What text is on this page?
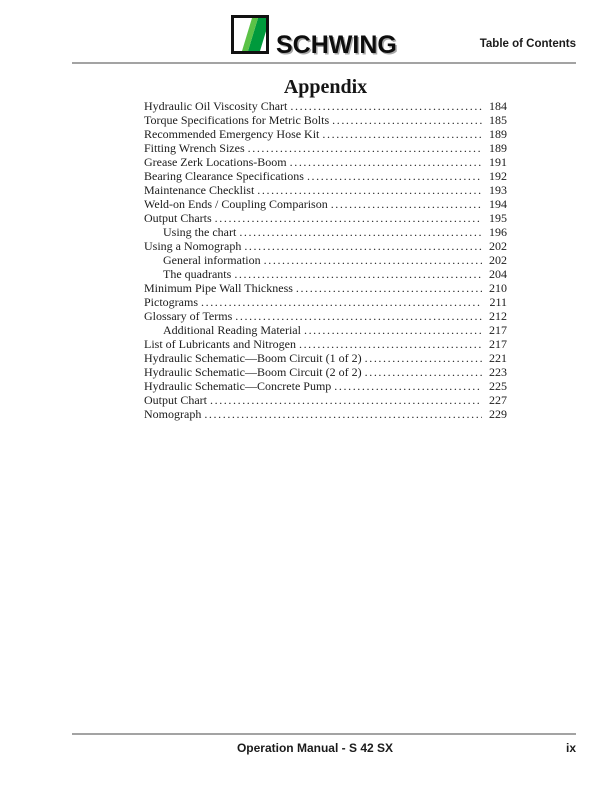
SCHWING	Table of Contents
Appendix
Hydraulic Oil Viscosity Chart .....	184
Torque Specifications for Metric Bolts .....	185
Recommended Emergency Hose Kit .....	189
Fitting Wrench Sizes .....	189
Grease Zerk Locations-Boom .....	191
Bearing Clearance Specifications .....	192
Maintenance Checklist .....	193
Weld-on Ends / Coupling Comparison .....	194
Output Charts .....	195
Using the chart .....	196
Using a Nomograph .....	202
General information .....	202
The quadrants .....	204
Minimum Pipe Wall Thickness .....	210
Pictograms .....	211
Glossary of Terms .....	212
Additional Reading Material .....	217
List of Lubricants and Nitrogen .....	217
Hydraulic Schematic—Boom Circuit (1 of 2) .....	221
Hydraulic Schematic—Boom Circuit (2 of 2) .....	223
Hydraulic Schematic—Concrete Pump .....	225
Output Chart .....	227
Nomograph .....	229
Operation Manual - S 42 SX	ix
